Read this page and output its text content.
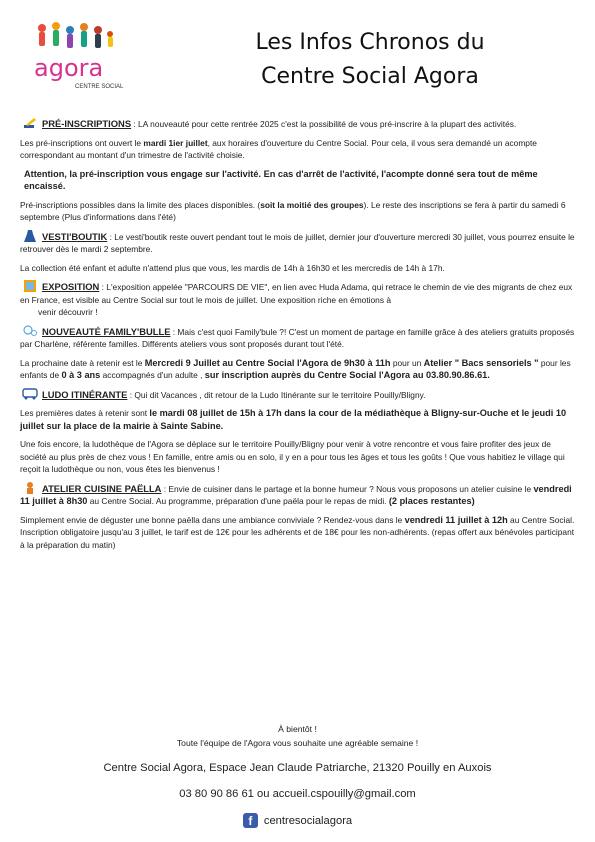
agora
CENTRE SOCIAL
Les Infos Chronos du
Centre Social Agora

PRÉ-INSCRIPTIONS : LA nouveauté pour cette rentrée 2025 c'est la possibilité de vous pré-inscrire à la plupart des activités.

Les pré-inscriptions ont ouvert le mardi 1ier juillet, aux horaires d'ouverture du Centre Social. Pour cela, il vous sera demandé un acompte correspondant au montant d'un trimestre de l'activité choisie.

Attention, la pré-inscription vous engage sur l'activité. En cas d'arrêt de l'activité, l'acompte donné sera tout de même encaissé.

Pré-inscriptions possibles dans la limite des places disponibles. (soit la moitié des groupes). Le reste des inscriptions se fera à partir du samedi 6 septembre (Plus d'informations dans l'été)

VESTI'BOUTIK : Le vesti'boutik reste ouvert pendant tout le mois de juillet, dernier jour d'ouverture mercredi 30 juillet, vous pourrez ensuite le retrouver dès le mardi 2 septembre.

La collection été enfant et adulte n'attend plus que vous, les mardis de 14h à 16h30 et les mercredis de 14h à 17h.

EXPOSITION : L'exposition appelée "PARCOURS DE VIE", en lien avec Huda Adama, qui retrace le chemin de vie des migrants de chez eux en France, est visible au Centre Social sur tout le mois de juillet. Une exposition riche en émotions à

venir découvrir !

NOUVEAUTÉ FAMILY'BULLE : Mais c'est quoi Family'bule ?! C'est un moment de partage en famille grâce à des ateliers gratuits proposés par Charlène, référente familles. Différents ateliers vous sont proposés durant tout l'été.

La prochaine date à retenir est le Mercredi 9 Juillet au Centre Social l'Agora de 9h30 à 11h pour un Atelier " Bacs sensoriels " pour les enfants de 0 à 3 ans accompagnés d'un adulte , sur inscription auprès du Centre Social l'Agora au 03.80.90.86.61.

LUDO ITINÉRANTE : Qui dit Vacances , dit retour de la Ludo Itinérante sur le territoire Pouilly/Bligny.

Les premières dates à retenir sont le mardi 08 juillet de 15h à 17h dans la cour de la médiathèque à Bligny-sur-Ouche et le jeudi 10 juillet sur la place de la mairie à Sainte Sabine.

Une fois encore, la ludothèque de l'Agora se déplace sur le territoire Pouilly/Bligny pour venir à votre rencontre et vous faire profiter des jeux de société au plus près de chez vous ! En famille, entre amis ou en solo, il y en a pour tous les âges et tous les goûts ! Que vous habitiez le village qui reçoit la ludothèque ou non, vous êtes les bienvenus !

ATELIER CUISINE PAËLLA : Envie de cuisiner dans le partage et la bonne humeur ? Nous vous proposons un atelier cuisine le vendredi 11 juillet à 8h30 au Centre Social. Au programme, préparation d'une paëla pour le repas de midi. (2 places restantes)

Simplement envie de déguster une bonne paëlla dans une ambiance conviviale ? Rendez-vous dans le vendredi 11 juillet à 12h au Centre Social. Inscription obligatoire jusqu'au 3 juillet, le tarif est de 12€ pour les adhérents et de 18€ pour les non-adhérents. (repas offert aux bénévoles participant à la préparation du matin)

À bientôt !
Toute l'équipe de l'Agora vous souhaite une agréable semaine !
Centre Social Agora, Espace Jean Claude Patriarche, 21320 Pouilly en Auxois
03 80 90 86 61 ou accueil.cspouilly@gmail.com
f	centresocialagora
